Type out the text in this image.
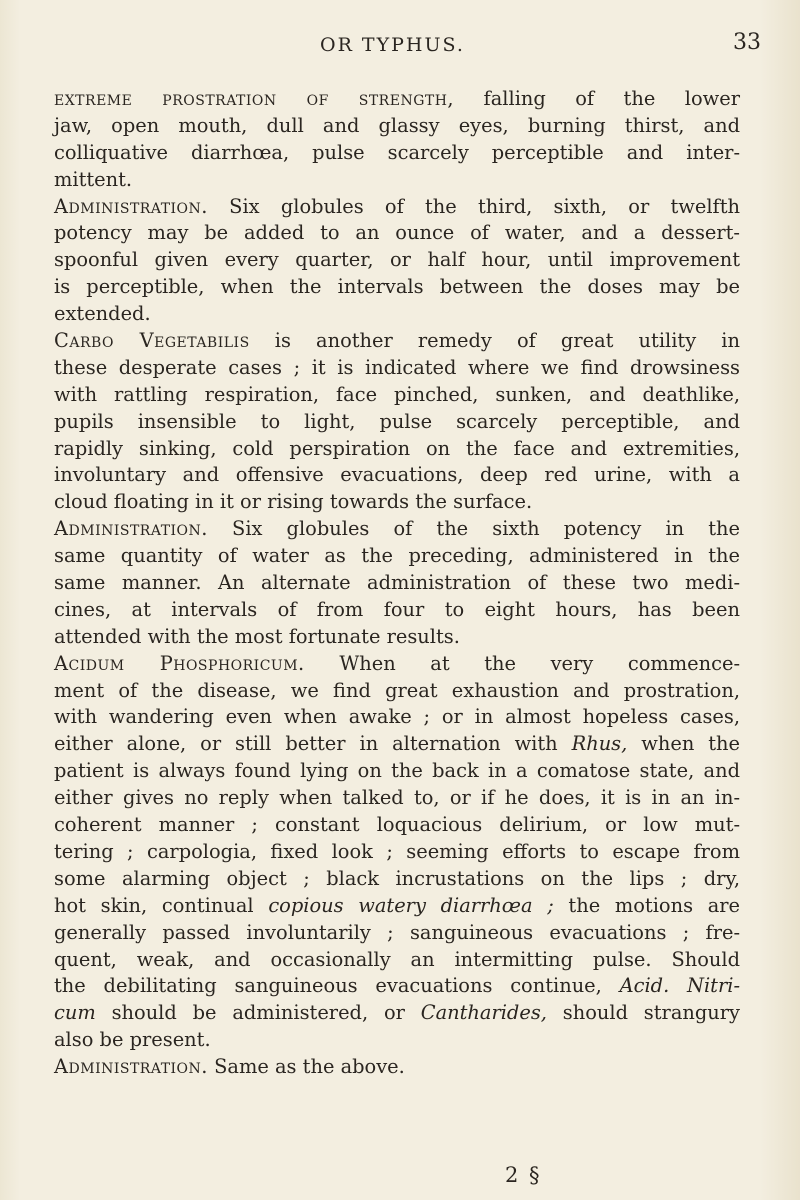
OR TYPHUS.	33
extreme prostration of strength, falling of the lower
jaw, open mouth, dull and glassy eyes, burning thirst, and
colliquative diarrhœa, pulse scarcely perceptible and inter-
mittent.
Administration. Six globules of the third, sixth, or twelfth
potency may be added to an ounce of water, and a dessert-
spoonful given every quarter, or half hour, until improvement
is perceptible, when the intervals between the doses may be
extended.
Carbo Vegetabilis is another remedy of great utility in
these desperate cases ; it is indicated where we find drowsiness
with rattling respiration, face pinched, sunken, and deathlike,
pupils insensible to light, pulse scarcely perceptible, and
rapidly sinking, cold perspiration on the face and extremities,
involuntary and offensive evacuations, deep red urine, with a
cloud floating in it or rising towards the surface.
Administration. Six globules of the sixth potency in the
same quantity of water as the preceding, administered in the
same manner. An alternate administration of these two medi-
cines, at intervals of from four to eight hours, has been
attended with the most fortunate results.
Acidum Phosphoricum. When at the very commence-
ment of the disease, we find great exhaustion and prostration,
with wandering even when awake ; or in almost hopeless cases,
either alone, or still better in alternation with Rhus, when the
patient is always found lying on the back in a comatose state, and
either gives no reply when talked to, or if he does, it is in an in-
coherent manner ; constant loquacious delirium, or low mut-
tering ; carpologia, fixed look ; seeming efforts to escape from
some alarming object ; black incrustations on the lips ; dry,
hot skin, continual copious watery diarrhœa ; the motions are
generally passed involuntarily ; sanguineous evacuations ; fre-
quent, weak, and occasionally an intermitting pulse. Should
the debilitating sanguineous evacuations continue, Acid. Nitri-
cum should be administered, or Cantharides, should strangury
also be present.
Administration. Same as the above.
2 §
